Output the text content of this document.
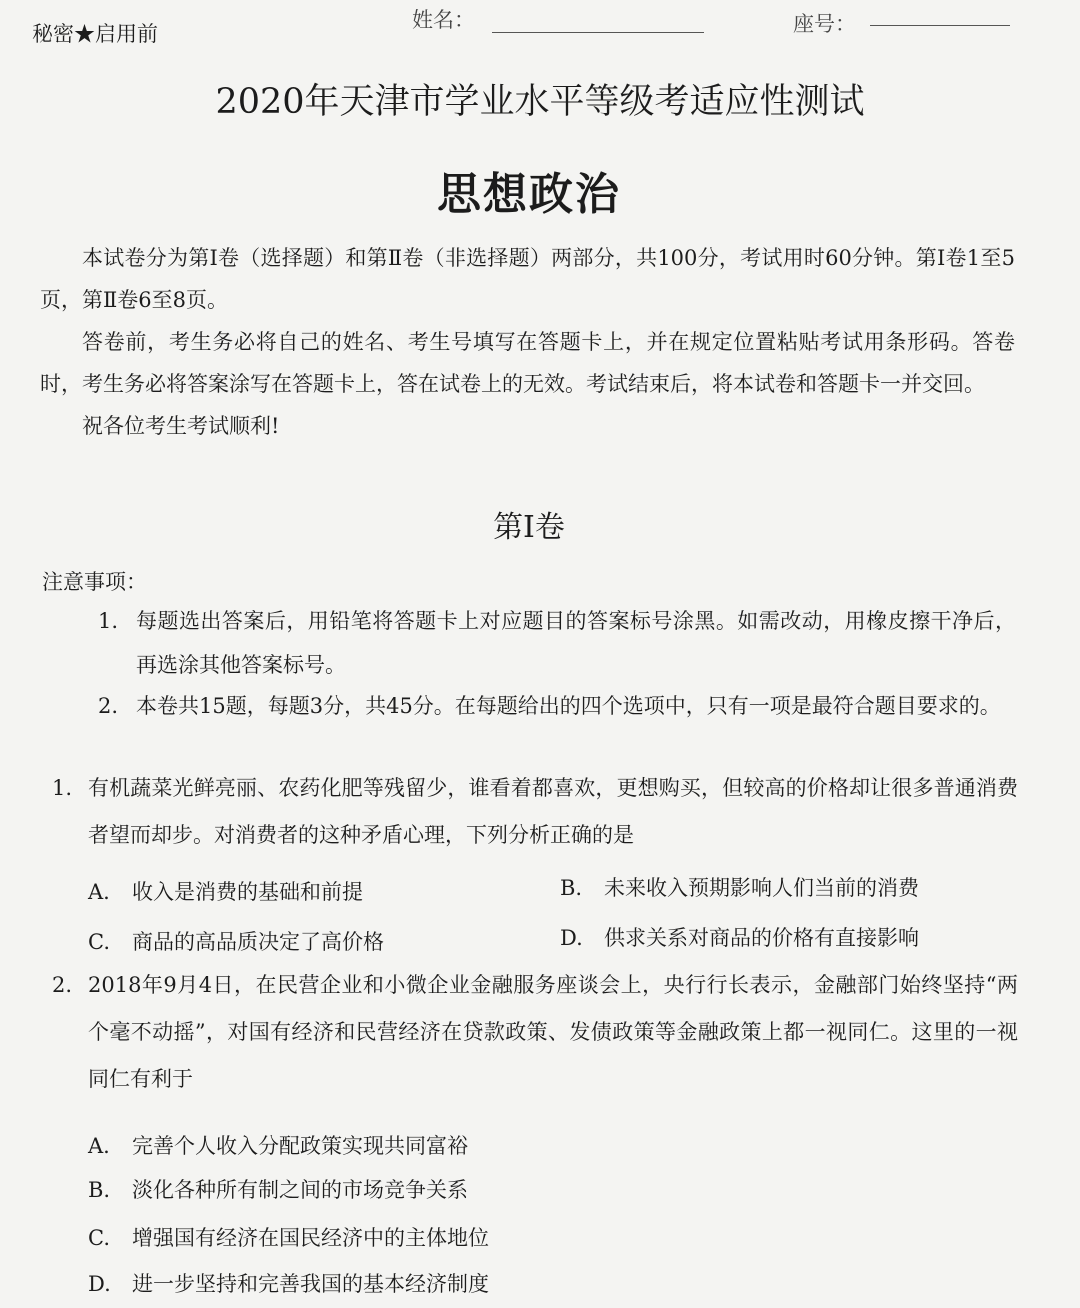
秘密★启用前
姓名：	座号：
2020年天津市学业水平等级考适应性测试
思想政治

本试卷分为第Ⅰ卷（选择题）和第Ⅱ卷（非选择题）两部分，共100分，考试用时60分钟。第Ⅰ卷1至5页，第Ⅱ卷6至8页。

答卷前，考生务必将自己的姓名、考生号填写在答题卡上，并在规定位置粘贴考试用条形码。答卷时，考生务必将答案涂写在答题卡上，答在试卷上的无效。考试结束后，将本试卷和答题卡一并交回。

祝各位考生考试顺利!

第Ⅰ卷
注意事项：
1. 每题选出答案后，用铅笔将答题卡上对应题目的答案标号涂黑。如需改动，用橡皮擦干净后，再选涂其他答案标号。
2. 本卷共15题，每题3分，共45分。在每题给出的四个选项中，只有一项是最符合题目要求的。
1. 有机蔬菜光鲜亮丽、农药化肥等残留少，谁看着都喜欢，更想购买，但较高的价格却让很多普通消费者望而却步。对消费者的这种矛盾心理，下列分析正确的是
A. 收入是消费的基础和前提	B. 未来收入预期影响人们当前的消费
C. 商品的高品质决定了高价格	D. 供求关系对商品的价格有直接影响
2. 2018年9月4日，在民营企业和小微企业金融服务座谈会上，央行行长表示，金融部门始终坚持“两个毫不动摇”，对国有经济和民营经济在贷款政策、发债政策等金融政策上都一视同仁。这里的一视同仁有利于
A. 完善个人收入分配政策实现共同富裕
B. 淡化各种所有制之间的市场竞争关系
C. 增强国有经济在国民经济中的主体地位
D. 进一步坚持和完善我国的基本经济制度
